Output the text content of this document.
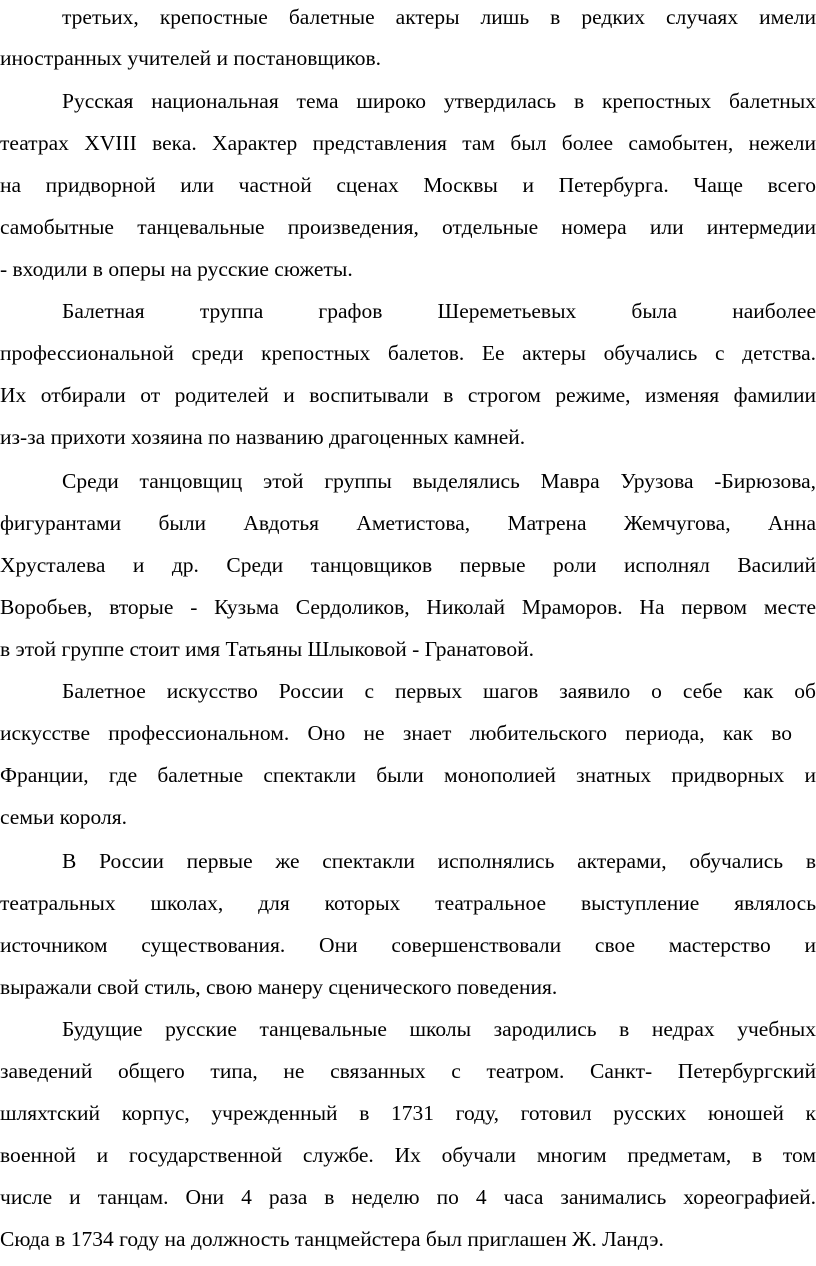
третьих, крепостные балетные актеры лишь в редких случаях имели
иностранных учителей и постановщиков.
Русская национальная тема широко утвердилась в крепостных балетных
театрах XVIII века. Характер представления там был более самобытен, нежели
на придворной или частной сценах Москвы и Петербурга. Чаще всего
самобытные танцевальные произведения, отдельные номера или интермедии
- входили в оперы на русские сюжеты.
Балетная труппа графов Шереметьевых была наиболее
профессиональной среди крепостных балетов. Ее актеры обучались с детства.
Их отбирали от родителей и воспитывали в строгом режиме, изменяя фамилии
из-за прихоти хозяина по названию драгоценных камней.
Среди танцовщиц этой группы выделялись Мавра Урузова -Бирюзова,
фигурантами были Авдотья Аметистова, Матрена Жемчугова, Анна
Хрусталева и др. Среди танцовщиков первые роли исполнял Василий
Воробьев, вторые - Кузьма Сердоликов, Николай Мраморов. На первом месте
в этой группе стоит имя Татьяны Шлыковой - Гранатовой.
Балетное искусство России с первых шагов заявило о себе как об
искусстве профессиональном. Оно не знает любительского периода, как во
Франции, где балетные спектакли были монополией знатных придворных и
семьи короля.
В России первые же спектакли исполнялись актерами, обучались в
театральных школах, для которых театральное выступление являлось
источником существования. Они совершенствовали свое мастерство и
выражали свой стиль, свою манеру сценического поведения.
Будущие русские танцевальные школы зародились в недрах учебных
заведений общего типа, не связанных с театром. Санкт- Петербургский
шляхтский корпус, учрежденный в 1731 году, готовил русских юношей к
военной и государственной службе. Их обучали многим предметам, в том
числе и танцам. Они 4 раза в неделю по 4 часа занимались хореографией.
Сюда в 1734 году на должность танцмейстера был приглашен Ж. Ландэ.
